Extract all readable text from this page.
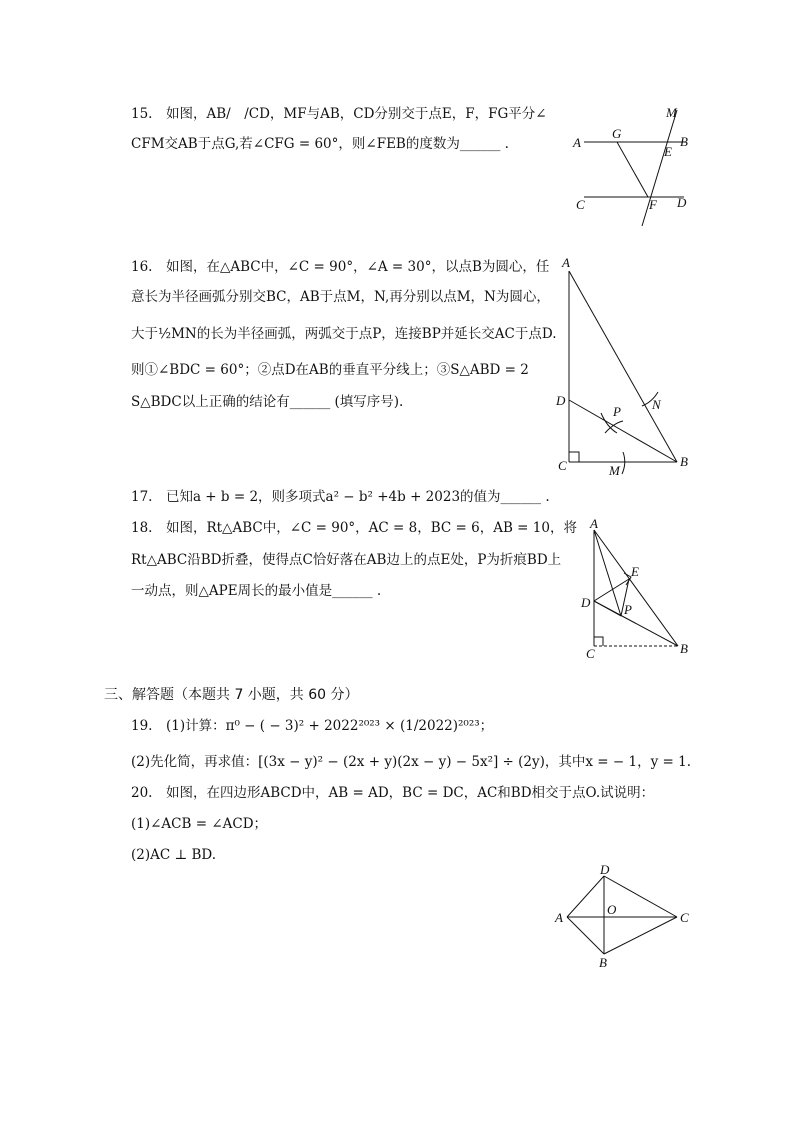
15.　如图，AB/　/CD，MF与AB，CD分别交于点E，F，FG平分∠
CFM交AB于点G,若∠CFG = 60°，则∠FEB的度数为______ .
M
A
G
B
E
C	F D
16.　如图，在△ABC中，∠C = 90°，∠A = 30°，以点B为圆心，任
意长为半径画弧分别交BC，AB于点M，N,再分别以点M，N为圆心，
大于½MN的长为半径画弧，两弧交于点P，连接BP并延长交AC于点D.
则①∠BDC = 60°；②点D在AB的垂直平分线上；③S△ABD = 2
S△BDC以上正确的结论有______ (填写序号).
A
D
P N
C	M
B
17.　已知a + b = 2，则多项式a² − b² +4b + 2023的值为______ .
18.　如图，Rt△ABC中，∠C = 90°，AC = 8，BC = 6，AB = 10，将
Rt△ABC沿BD折叠，使得点C恰好落在AB边上的点E处，P为折痕BD上
一动点，则△APE周长的最小值是______ .
A
E
D	P
C	B
三、解答题（本题共 7 小题，共 60 分）
19.　(1)计算：π⁰ − ( − 3)² + 2022²⁰²³ × (1/2022)²⁰²³；
(2)先化简，再求值：[(3x − y)² − (2x + y)(2x − y) − 5x²] ÷ (2y)，其中x = − 1，y = 1.
20.　如图，在四边形ABCD中，AB = AD，BC = DC，AC和BD相交于点O.试说明：
(1)∠ACB = ∠ACD；
(2)AC ⊥ BD.
D
A
O
C
B
